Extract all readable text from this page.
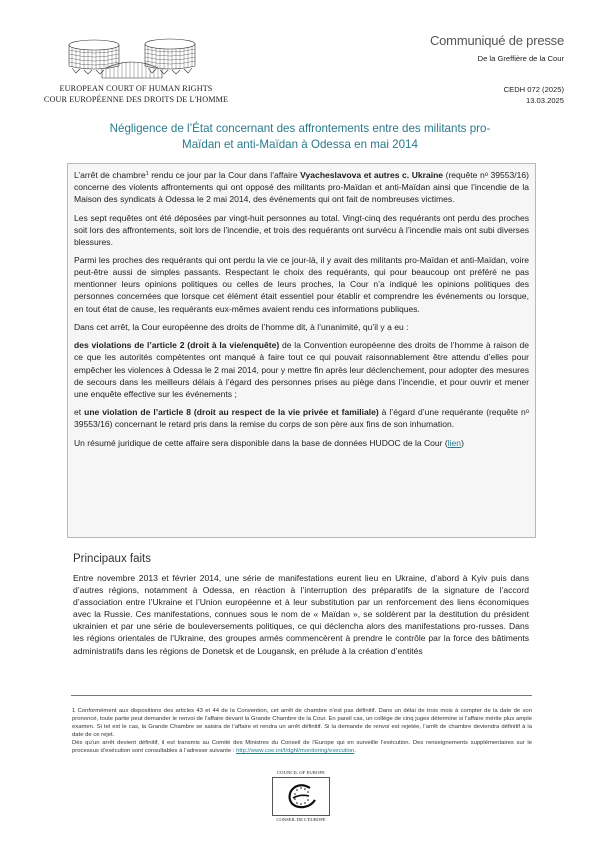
EUROPEAN COURT OF HUMAN RIGHTS
COUR EUROPÉENNE DES DROITS DE L'HOMME
Communiqué de presse
De la Greffière de la Cour
CEDH 072 (2025)
13.03.2025
Négligence de l’État concernant des affrontements entre des militants pro-
Maïdan et anti-Maïdan à Odessa en mai 2014

L’arrêt de chambre$^1$ rendu ce jour par la Cour dans l’affaire Vyacheslavova et autres c. Ukraine (requête nᵒ 39553/16) concerne des violents affrontements qui ont opposé des militants pro-Maïdan et anti-Maïdan ainsi que l’incendie de la Maison des syndicats à Odessa le 2 mai 2014, des événements qui ont fait de nombreuses victimes.

Les sept requêtes ont été déposées par vingt-huit personnes au total. Vingt-cinq des requérants ont perdu des proches soit lors des affrontements, soit lors de l’incendie, et trois des requérants ont survécu à l’incendie mais ont subi diverses blessures.

Parmi les proches des requérants qui ont perdu la vie ce jour-là, il y avait des militants pro-Maïdan et anti-Maïdan, voire peut-être aussi de simples passants. Respectant le choix des requérants, qui pour beaucoup ont préféré ne pas mentionner leurs opinions politiques ou celles de leurs proches, la Cour n’a indiqué les opinions politiques des personnes concernées que lorsque cet élément était essentiel pour établir et comprendre les événements ou lorsque, en tout état de cause, les requérants eux-mêmes avaient rendu ces informations publiques.

Dans cet arrêt, la Cour européenne des droits de l’homme dit, à l’unanimité, qu’il y a eu :

des violations de l’article 2 (droit à la vie/enquête) de la Convention européenne des droits de l’homme à raison de ce que les autorités compétentes ont manqué à faire tout ce qui pouvait raisonnablement être attendu d’elles pour empêcher les violences à Odessa le 2 mai 2014, pour y mettre fin après leur déclenchement, pour adopter des mesures de secours dans les meilleurs délais à l’égard des personnes prises au piège dans l’incendie, et pour ouvrir et mener une enquête effective sur les événements ;

et une violation de l’article 8 (droit au respect de la vie privée et familiale) à l’égard d’une requérante (requête nᵒ 39553/16) concernant le retard pris dans la remise du corps de son père aux fins de son inhumation.

Un résumé juridique de cette affaire sera disponible dans la base de données HUDOC de la Cour (lien)

Principaux faits

Entre novembre 2013 et février 2014, une série de manifestations eurent lieu en Ukraine, d’abord à Kyiv puis dans d’autres régions, notamment à Odessa, en réaction à l’interruption des préparatifs de la signature de l’accord d’association entre l’Ukraine et l’Union européenne et à leur substitution par un renforcement des liens économiques avec la Russie. Ces manifestations, connues sous le nom de « Maïdan », se soldèrent par la destitution du président ukrainien et par une série de bouleversements politiques, ce qui déclencha alors des manifestations pro-russes. Dans les régions orientales de l’Ukraine, des groupes armés commencèrent à prendre le contrôle par la force des bâtiments administratifs dans les régions de Donetsk et de Lougansk, en prélude à la création d’entités

1 Conformément aux dispositions des articles 43 et 44 de la Convention, cet arrêt de chambre n’est pas définitif. Dans un délai de trois mois à compter de la date de son prononcé, toute partie peut demander le renvoi de l’affaire devant la Grande Chambre de la Cour. En pareil cas, un collège de cinq juges détermine si l’affaire mérite plus ample examen. Si tel est le cas, la Grande Chambre se saisira de l’affaire et rendra un arrêt définitif. Si la demande de renvoi est rejetée, l’arrêt de chambre deviendra définitif à la date de ce rejet.
Dès qu’un arrêt devient définitif, il est transmis au Comité des Ministres du Conseil de l’Europe qui en surveille l’exécution. Des renseignements supplémentaires sur le processus d’exécution sont consultables à l’adresse suivante : http://www.coe.int/t/dghl/monitoring/execution.
COUNCIL OF EUROPE
CONSEIL DE L'EUROPE
